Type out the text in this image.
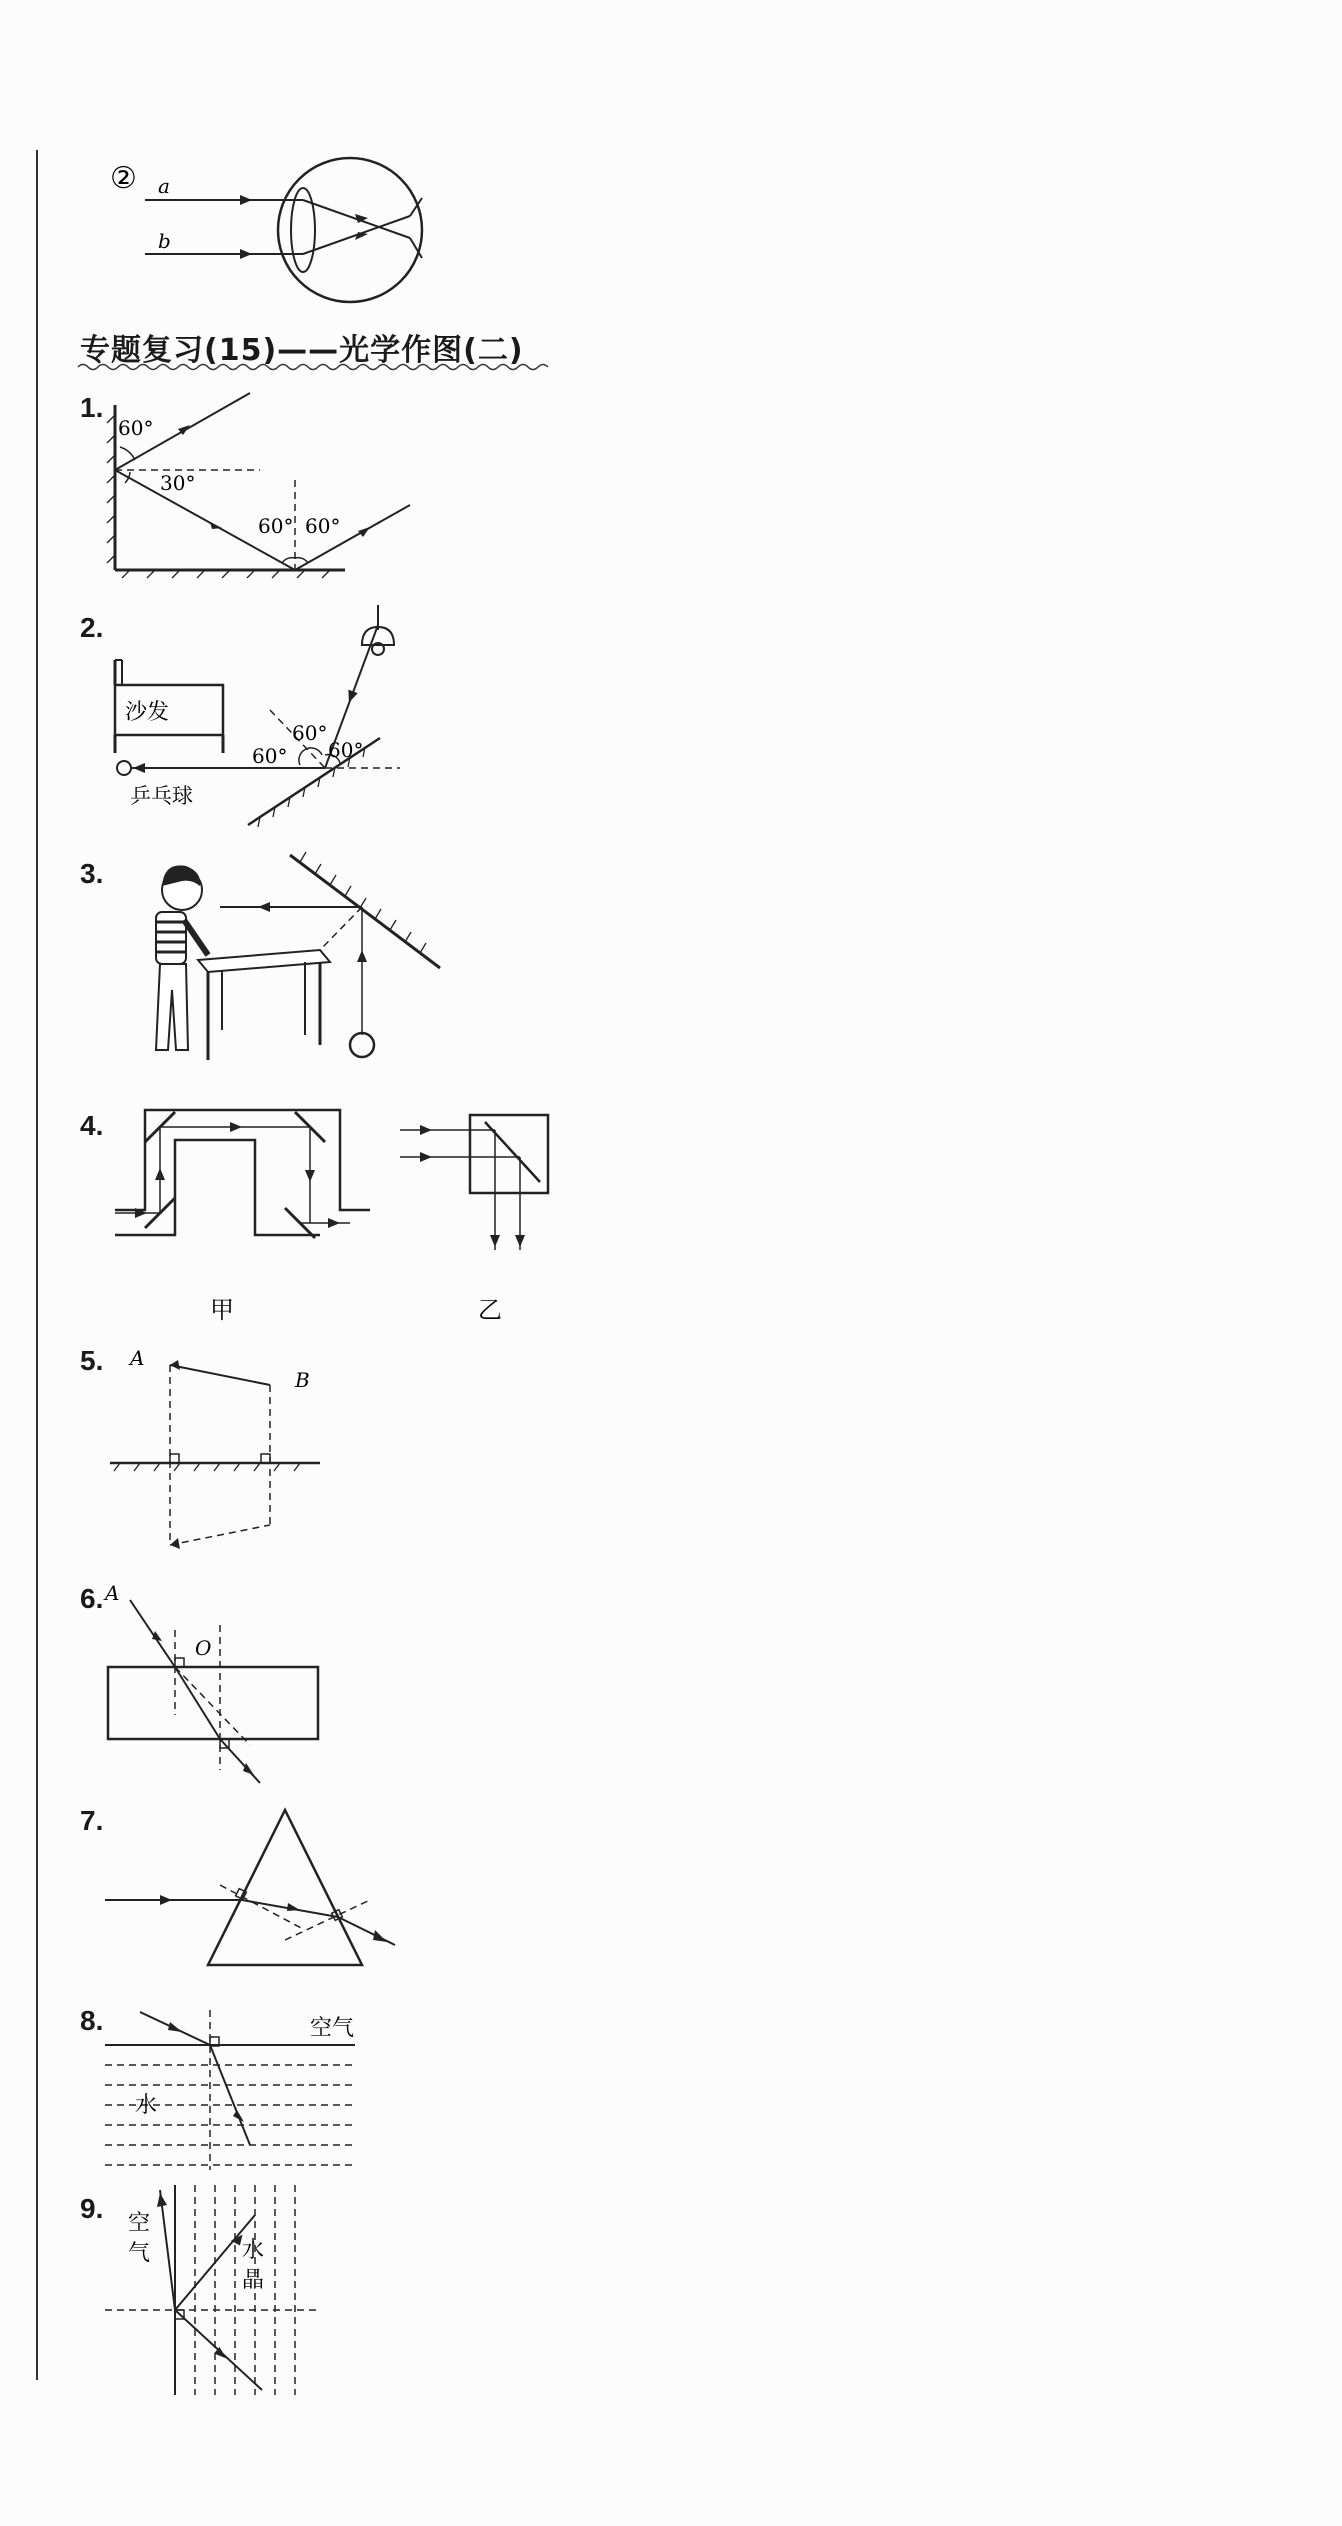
② a
b
专题复习(15)——光学作图(二)
1.
60°
30°
60° 60°
2.
沙发
60°
60° 60°
乒乓球
3.
4.
甲	乙
5. A
B
6. A
O
7.
8.	空气
水
9. 空
气	水
晶
